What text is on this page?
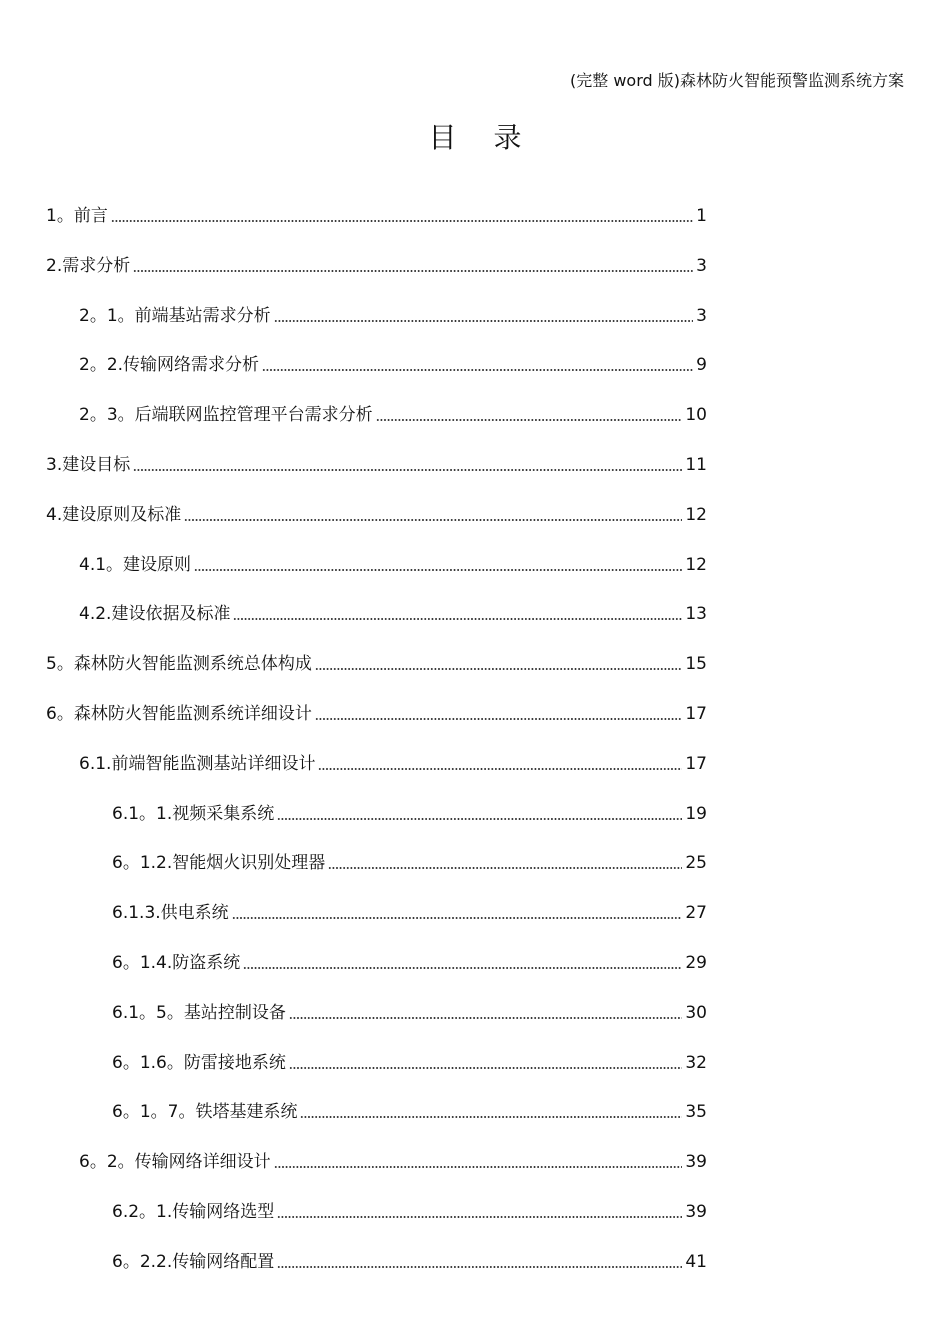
(完整 word 版)森林防火智能预警监测系统方案
目 录
1。前言	1
2.需求分析	3
2。1。前端基站需求分析	3
2。2.传输网络需求分析	9
2。3。后端联网监控管理平台需求分析	10
3.建设目标	11
4.建设原则及标准	12
4.1。建设原则	12
4.2.建设依据及标准	13
5。森林防火智能监测系统总体构成	15
6。森林防火智能监测系统详细设计	17
6.1.前端智能监测基站详细设计	17
6.1。1.视频采集系统	19
6。1.2.智能烟火识别处理器	25
6.1.3.供电系统	27
6。1.4.防盗系统	29
6.1。5。基站控制设备	30
6。1.6。防雷接地系统	32
6。1。7。铁塔基建系统	35
6。2。传输网络详细设计	39
6.2。1.传输网络选型	39
6。2.2.传输网络配置	41
